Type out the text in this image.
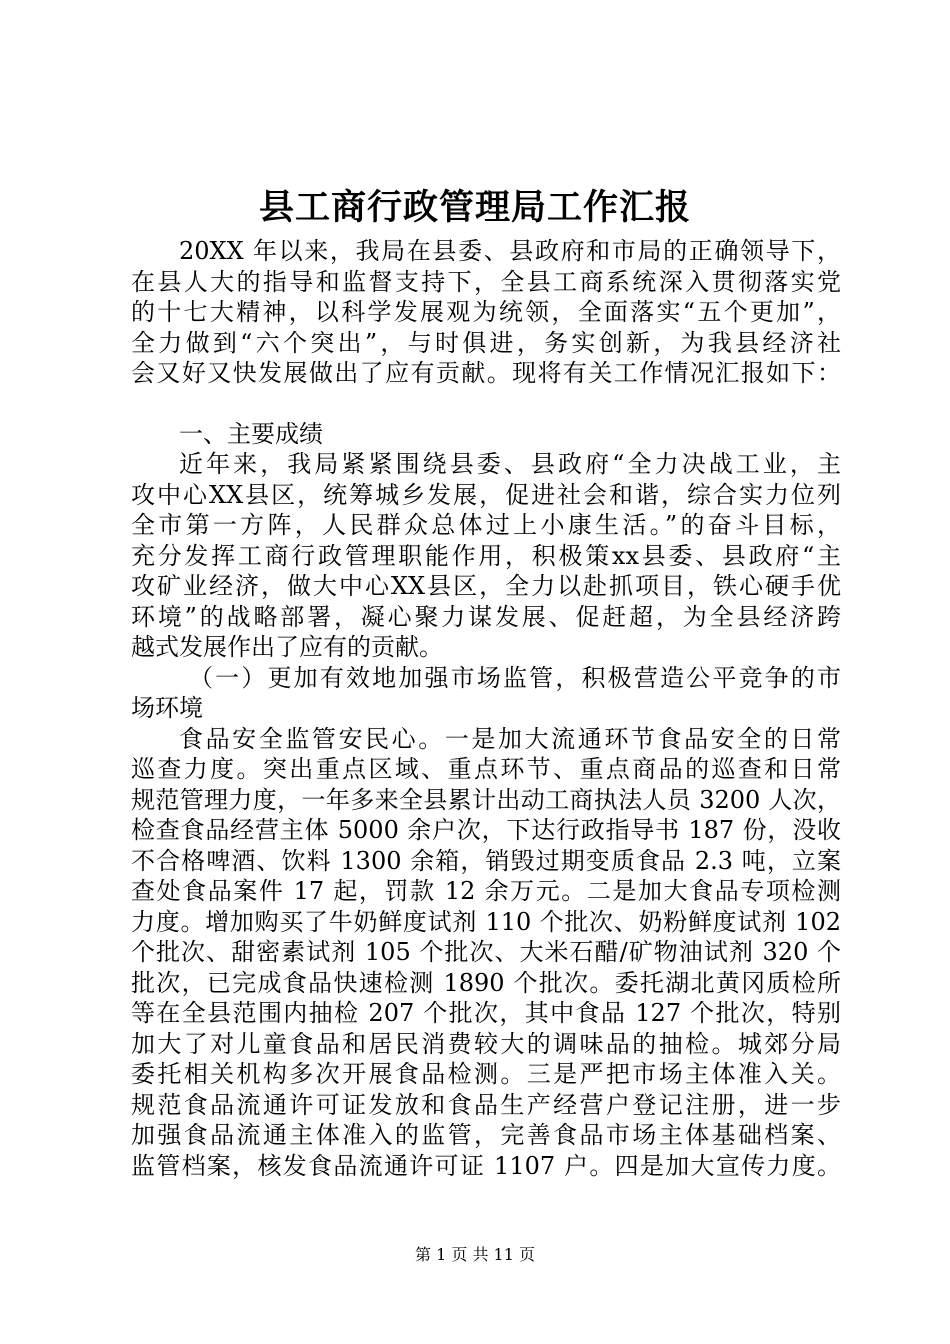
县工商行政管理局工作汇报
20XX 年以来，我局在县委、县政府和市局的正确领导下，
在县人大的指导和监督支持下，全县工商系统深入贯彻落实党
的十七大精神，以科学发展观为统领，全面落实“五个更加”，
全力做到“六个突出”，与时俱进，务实创新，为我县经济社
会又好又快发展做出了应有贡献。现将有关工作情况汇报如下：
一、主要成绩
近年来，我局紧紧围绕县委、县政府“全力决战工业，主
攻中心XX县区，统筹城乡发展，促进社会和谐，综合实力位列
全市第一方阵，人民群众总体过上小康生活。”的奋斗目标，
充分发挥工商行政管理职能作用，积极策xx县委、县政府“主
攻矿业经济，做大中心XX县区，全力以赴抓项目，铁心硬手优
环境”的战略部署，凝心聚力谋发展、促赶超，为全县经济跨
越式发展作出了应有的贡献。
（一）更加有效地加强市场监管，积极营造公平竞争的市
场环境
食品安全监管安民心。一是加大流通环节食品安全的日常
巡查力度。突出重点区域、重点环节、重点商品的巡查和日常
规范管理力度，一年多来全县累计出动工商执法人员 3200 人次，
检查食品经营主体 5000 余户次，下达行政指导书 187 份，没收
不合格啤酒、饮料 1300 余箱，销毁过期变质食品 2.3 吨，立案
查处食品案件 17 起，罚款 12 余万元。二是加大食品专项检测
力度。增加购买了牛奶鲜度试剂 110 个批次、奶粉鲜度试剂 102
个批次、甜密素试剂 105 个批次、大米石醋/矿物油试剂 320 个
批次，已完成食品快速检测 1890 个批次。委托湖北黄冈质检所
等在全县范围内抽检 207 个批次，其中食品 127 个批次，特别
加大了对儿童食品和居民消费较大的调味品的抽检。城郊分局
委托相关机构多次开展食品检测。三是严把市场主体准入关。
规范食品流通许可证发放和食品生产经营户登记注册，进一步
加强食品流通主体准入的监管，完善食品市场主体基础档案、
监管档案，核发食品流通许可证 1107 户。四是加大宣传力度。
第 1 页 共 11 页
